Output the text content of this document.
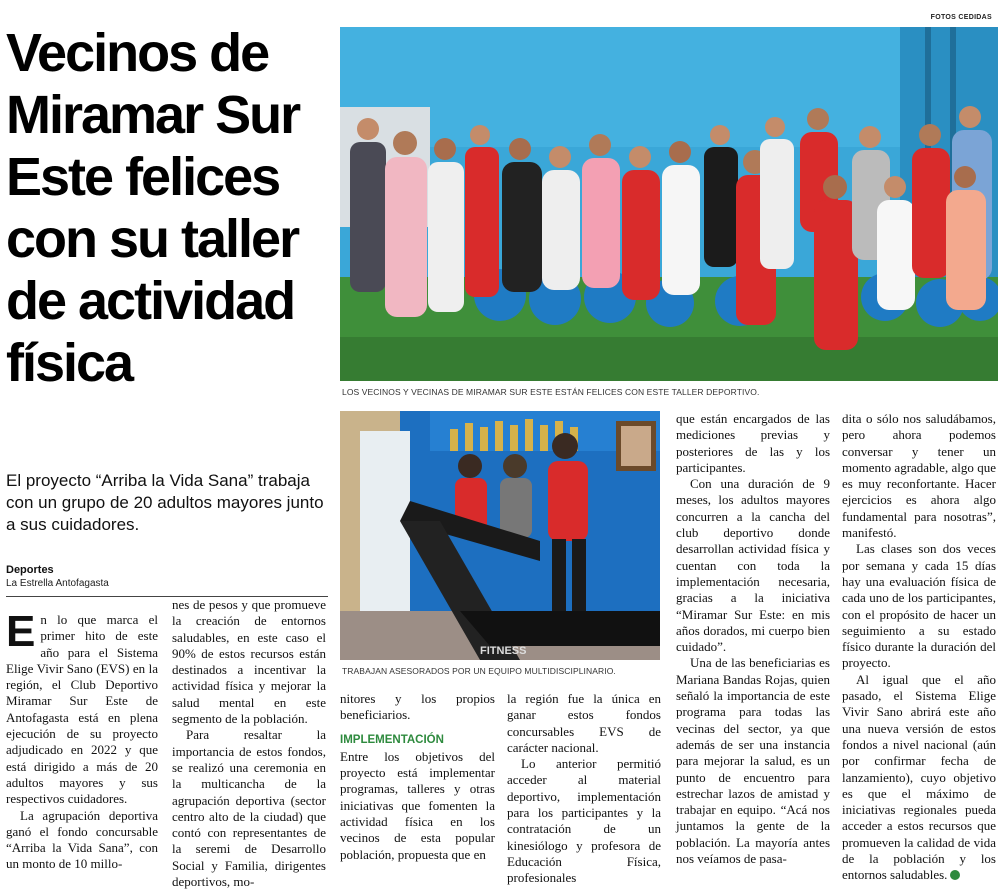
FOTOS CEDIDAS
Vecinos de Miramar Sur Este felices con su taller de actividad física

El proyecto “Arriba la Vida Sana” trabaja con un grupo de 20 adultos mayores junto a sus cuidadores.

Deportes
La Estrella Antofagasta
LOS VECINOS Y VECINAS DE MIRAMAR SUR ESTE ESTÁN FELICES CON ESTE TALLER DEPORTIVO.
FITNESS
TRABAJAN ASESORADOS POR UN EQUIPO MULTIDISCIPLINARIO.

En lo que marca el primer hito de este año para el Sistema Elige Vivir Sano (EVS) en la región, el Club Deportivo Miramar Sur Este de Antofagasta está en plena ejecución de su proyecto adjudicado en 2022 y que está dirigido a más de 20 adultos mayores y sus respectivos cuidadores.

La agrupación deportiva ganó el fondo concursable “Arriba la Vida Sana”, con un monto de 10 millo-

nes de pesos y que promueve la creación de entornos saludables, en este caso el 90% de estos recursos están destinados a incentivar la actividad física y mejorar la salud mental en este segmento de la población.

Para resaltar la importancia de estos fondos, se realizó una ceremonia en la multicancha de la agrupación deportiva (sector centro alto de la ciudad) que contó con representantes de la seremi de Desarrollo Social y Familia, dirigentes deportivos, mo-

nitores y los propios beneficiarios.

IMPLEMENTACIÓN

Entre los objetivos del proyecto está implementar programas, talleres y otras iniciativas que fomenten la actividad física en los vecinos de esta popular población, propuesta que en

la región fue la única en ganar estos fondos concursables EVS de carácter nacional.

Lo anterior permitió acceder al material deportivo, implementación para los participantes y la contratación de un kinesiólogo y profesora de Educación Física, profesionales

que están encargados de las mediciones previas y posteriores de las y los participantes.

Con una duración de 9 meses, los adultos mayores concurren a la cancha del club deportivo donde desarrollan actividad física y cuentan con toda la implementación necesaria, gracias a la iniciativa “Miramar Sur Este: en mis años dorados, mi cuerpo bien cuidado”.

Una de las beneficiarias es Mariana Bandas Rojas, quien señaló la importancia de este programa para todas las vecinas del sector, ya que además de ser una instancia para mejorar la salud, es un punto de encuentro para estrechar lazos de amistad y trabajar en equipo. “Acá nos juntamos la gente de la población. La mayoría antes nos veíamos de pasa-

dita o sólo nos saludábamos, pero ahora podemos conversar y tener un momento agradable, algo que es muy reconfortante. Hacer ejercicios es ahora algo fundamental para nosotras”, manifestó.

Las clases son dos veces por semana y cada 15 días hay una evaluación física de cada uno de los participantes, con el propósito de hacer un seguimiento a su estado físico durante la duración del proyecto.

Al igual que el año pasado, el Sistema Elige Vivir Sano abrirá este año una nueva versión de estos fondos a nivel nacional (aún por confirmar fecha de lanzamiento), cuyo objetivo es que el máximo de iniciativas regionales pueda acceder a estos recursos que promueven la calidad de vida de la población y los entornos saludables.
